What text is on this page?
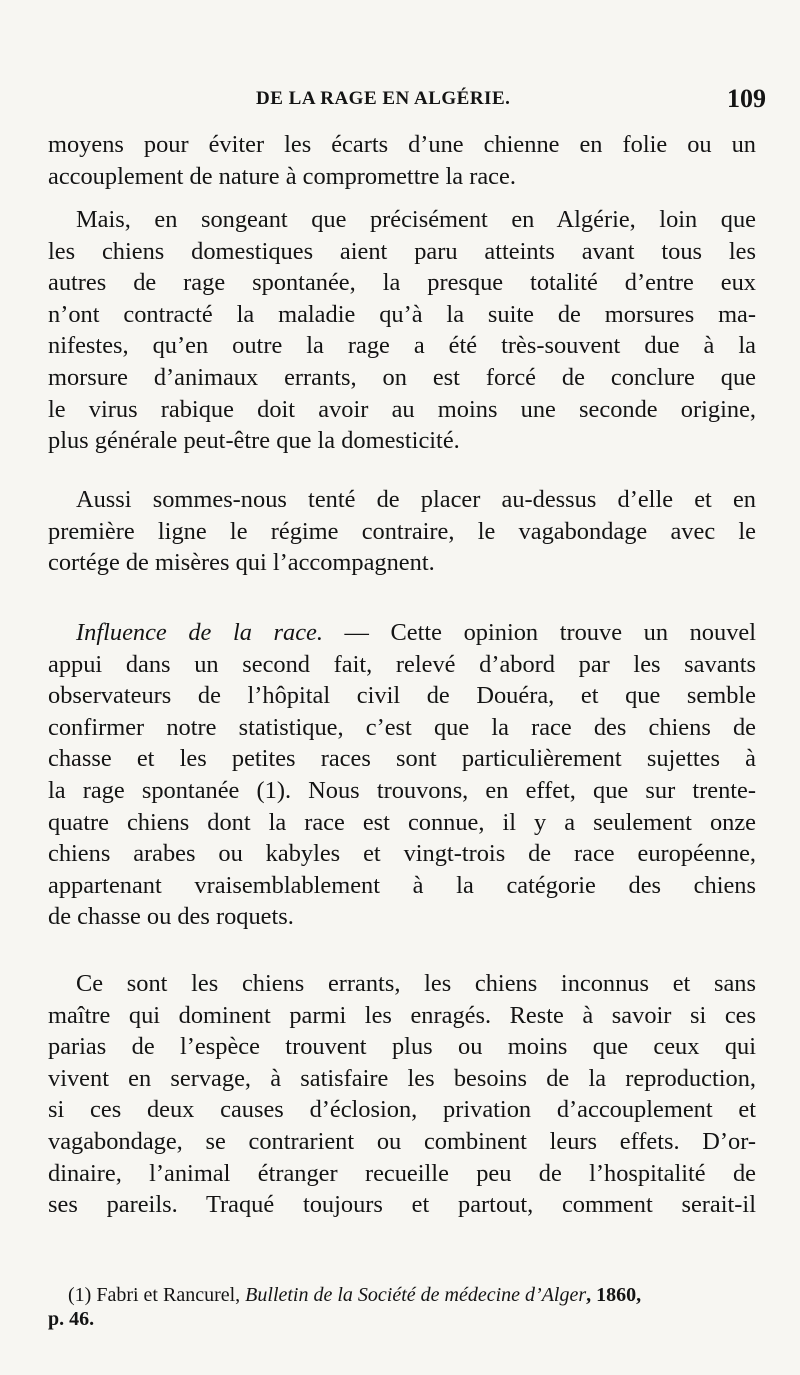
DE LA RAGE EN ALGÉRIE.	109
moyens pour éviter les écarts d’une chienne en folie ou un
accouplement de nature à compromettre la race.
Mais, en songeant que précisément en Algérie, loin que
les chiens domestiques aient paru atteints avant tous les
autres de rage spontanée, la presque totalité d’entre eux
n’ont contracté la maladie qu’à la suite de morsures ma-
nifestes, qu’en outre la rage a été très-souvent due à la
morsure d’animaux errants, on est forcé de conclure que
le virus rabique doit avoir au moins une seconde origine,
plus générale peut-être que la domesticité.
Aussi sommes-nous tenté de placer au-dessus d’elle et en
première ligne le régime contraire, le vagabondage avec le
cortége de misères qui l’accompagnent.
Influence de la race. — Cette opinion trouve un nouvel
appui dans un second fait, relevé d’abord par les savants
observateurs de l’hôpital civil de Douéra, et que semble
confirmer notre statistique, c’est que la race des chiens de
chasse et les petites races sont particulièrement sujettes à
la rage spontanée (1). Nous trouvons, en effet, que sur trente-
quatre chiens dont la race est connue, il y a seulement onze
chiens arabes ou kabyles et vingt-trois de race européenne,
appartenant vraisemblablement à la catégorie des chiens
de chasse ou des roquets.
Ce sont les chiens errants, les chiens inconnus et sans
maître qui dominent parmi les enragés. Reste à savoir si ces
parias de l’espèce trouvent plus ou moins que ceux qui
vivent en servage, à satisfaire les besoins de la reproduction,
si ces deux causes d’éclosion, privation d’accouplement et
vagabondage, se contrarient ou combinent leurs effets. D’or-
dinaire, l’animal étranger recueille peu de l’hospitalité de
ses pareils. Traqué toujours et partout, comment serait-il
(1) Fabri et Rancurel, Bulletin de la Société de médecine d’Alger, 1860,
p. 46.
